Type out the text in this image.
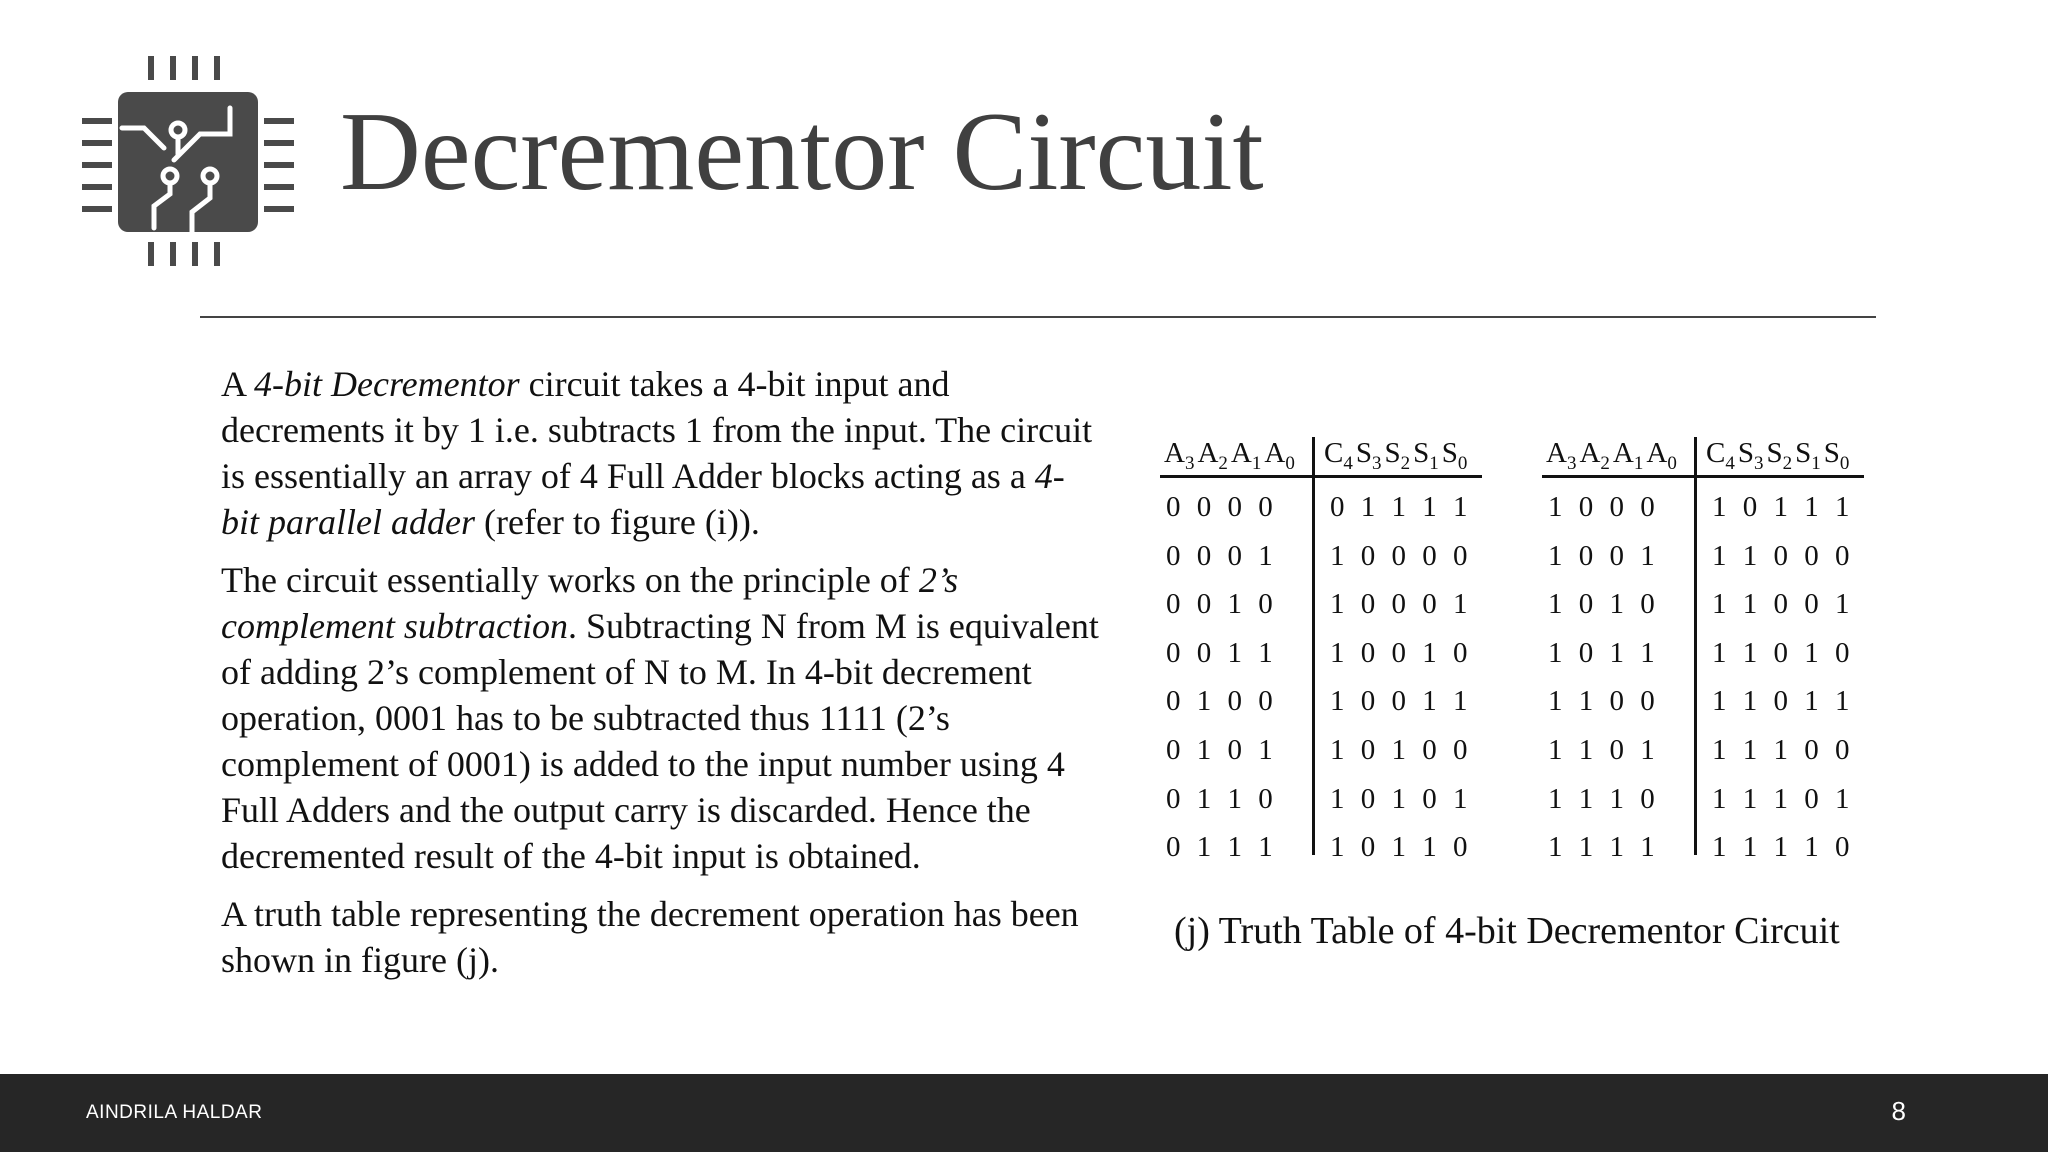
Decrementor Circuit

A 4-bit Decrementor circuit takes a 4-bit input and decrements it by 1 i.e. subtracts 1 from the input. The circuit is essentially an array of 4 Full Adder blocks acting as a 4-bit parallel adder (refer to figure (i)).

The circuit essentially works on the principle of 2’s complement subtraction. Subtracting N from M is equivalent of adding 2’s complement of N to M. In 4-bit decrement operation, 0001 has to be subtracted thus 1111 (2’s complement of 0001) is added to the input number using 4 Full Adders and the output carry is discarded. Hence the decremented result of the 4-bit input is obtained.

A truth table representing the decrement operation has been shown in figure (j).

$A_3$ $A_2$ $A_1$ $A_0$ $C_4$ $S_3$ $S_2$ $S_1$ $S_0$
0 0 0 0 0 1 1 1 1
0 0 0 1 1 0 0 0 0
0 0 1 0 1 0 0 0 1
0 0 1 1 1 0 0 1 0
0 1 0 0 1 0 0 1 1
0 1 0 1 1 0 1 0 0
0 1 1 0 1 0 1 0 1
0 1 1 1 1 0 1 1 0
$A_3$ $A_2$ $A_1$ $A_0$ $C_4$ $S_3$ $S_2$ $S_1$ $S_0$
1 0 0 0 1 0 1 1 1
1 0 0 1 1 1 0 0 0
1 0 1 0 1 1 0 0 1
1 0 1 1 1 1 0 1 0
1 1 0 0 1 1 0 1 1
1 1 0 1 1 1 1 0 0
1 1 1 0 1 1 1 0 1
1 1 1 1 1 1 1 1 0
(j) Truth Table of 4-bit Decrementor Circuit
AINDRILA HALDAR	8
